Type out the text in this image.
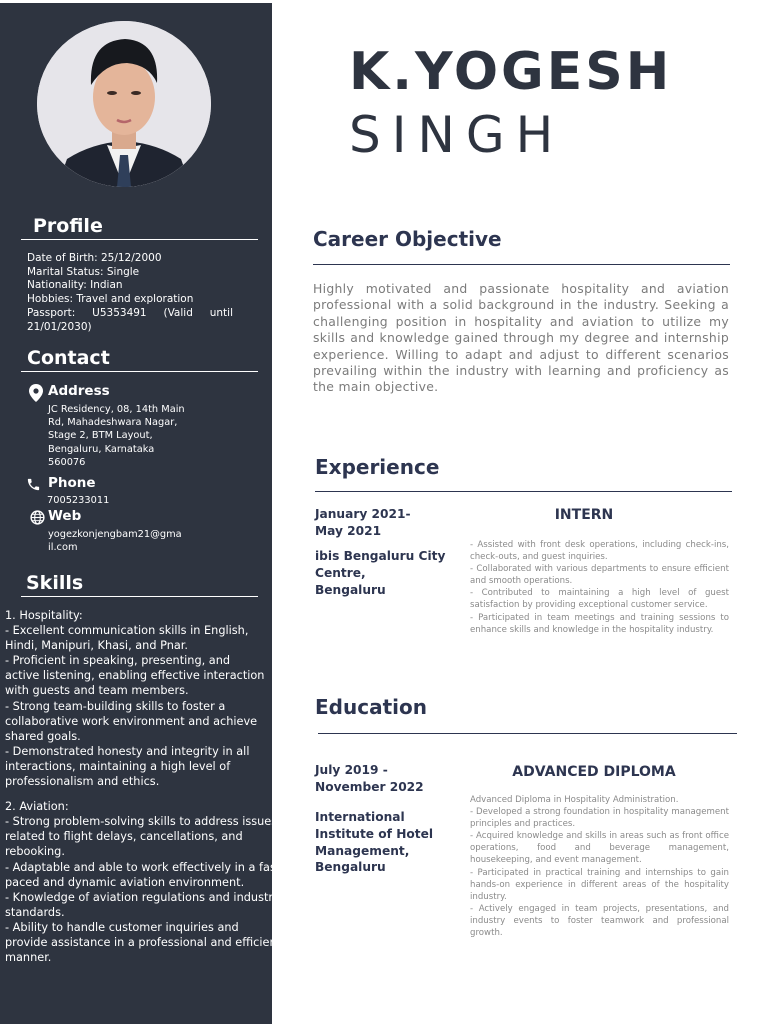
Profile
Date of Birth: 25/12/2000
Marital Status: Single
Nationality: Indian
Hobbies: Travel and exploration
Passport: U5353491 (Valid until
21/01/2030)
Contact
Address
JC Residency, 08, 14th Main
Rd, Mahadeshwara Nagar,
Stage 2, BTM Layout,
Bengaluru, Karnataka
560076
Phone
7005233011
Web
yogezkonjengbam21@gma
il.com
Skills
1. Hospitality:
- Excellent communication skills in English,
Hindi, Manipuri, Khasi, and Pnar.
- Proficient in speaking, presenting, and
active listening, enabling effective interaction
with guests and team members.
- Strong team-building skills to foster a
collaborative work environment and achieve
shared goals.
- Demonstrated honesty and integrity in all
interactions, maintaining a high level of
professionalism and ethics.
2. Aviation:
- Strong problem-solving skills to address issues
related to flight delays, cancellations, and
rebooking.
- Adaptable and able to work effectively in a fast-
paced and dynamic aviation environment.
- Knowledge of aviation regulations and industry
standards.
- Ability to handle customer inquiries and
provide assistance in a professional and efficient
manner.
K.YOGESH
SINGH
Career Objective
Highly motivated and passionate hospitality and aviation professional with a solid background in the industry. Seeking a challenging position in hospitality and aviation to utilize my skills and knowledge gained through my degree and internship experience. Willing to adapt and adjust to different scenarios prevailing within the industry with learning and proficiency as the main objective.
Experience
January 2021-
May 2021
ibis Bengaluru City
Centre,
Bengaluru
INTERN
- Assisted with front desk operations, including check-ins, check-outs, and guest inquiries.
- Collaborated with various departments to ensure efficient and smooth operations.
- Contributed to maintaining a high level of guest satisfaction by providing exceptional customer service.
- Participated in team meetings and training sessions to enhance skills and knowledge in the hospitality industry.
Education
July 2019 -
November 2022
International
Institute of Hotel
Management,
Bengaluru
ADVANCED DIPLOMA
Advanced Diploma in Hospitality Administration.
- Developed a strong foundation in hospitality management principles and practices.
- Acquired knowledge and skills in areas such as front office operations, food and beverage management, housekeeping, and event management.
- Participated in practical training and internships to gain hands-on experience in different areas of the hospitality industry.
- Actively engaged in team projects, presentations, and industry events to foster teamwork and professional growth.
